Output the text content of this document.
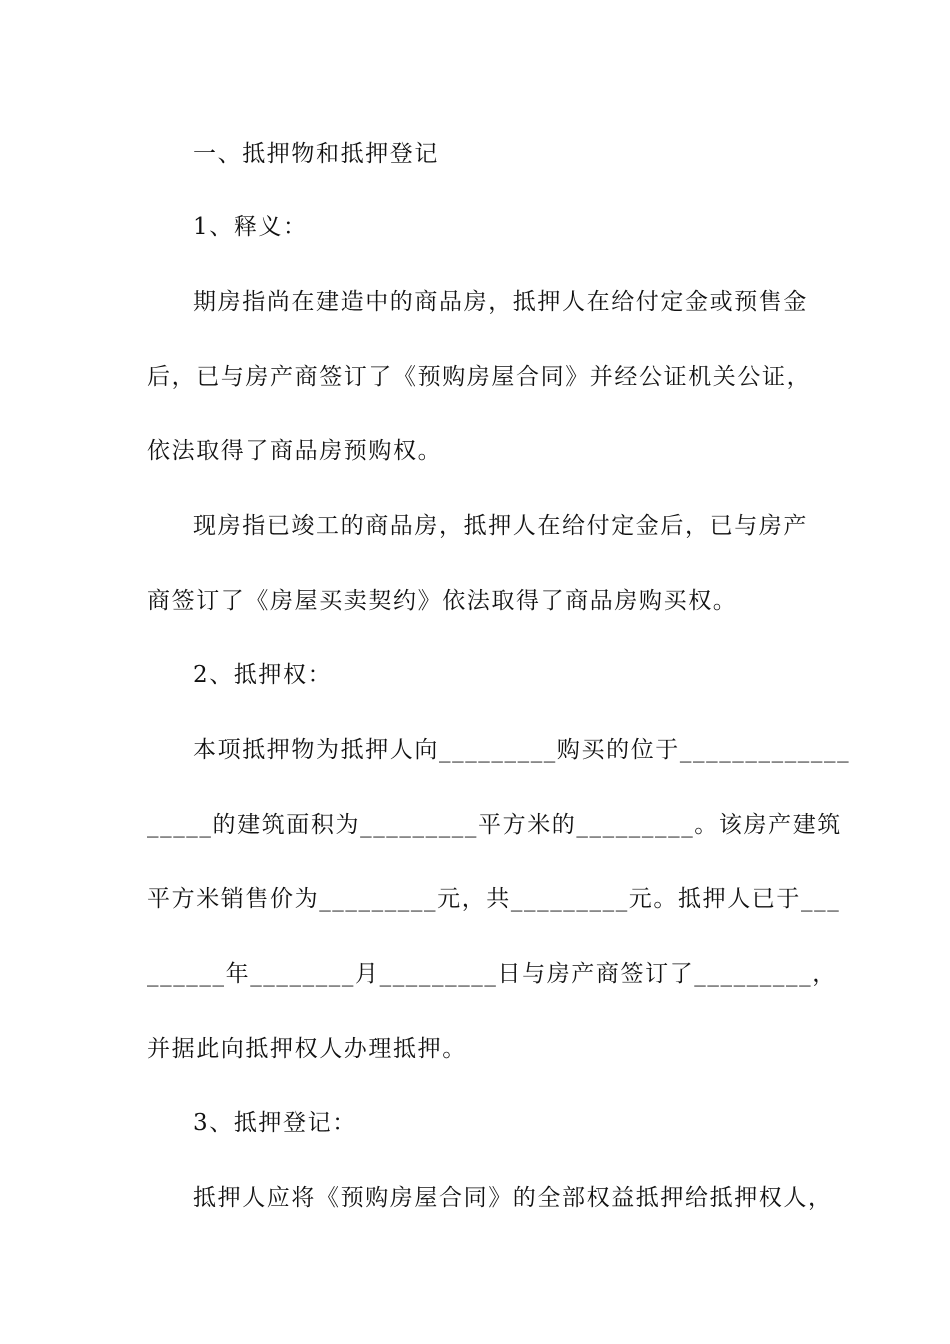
一、抵押物和抵押登记
1、释义：
期房指尚在建造中的商品房，抵押人在给付定金或预售金
后，已与房产商签订了《预购房屋合同》并经公证机关公证，
依法取得了商品房预购权。
现房指已竣工的商品房，抵押人在给付定金后，已与房产
商签订了《房屋买卖契约》依法取得了商品房购买权。
2、抵押权：
本项抵押物为抵押人向_________购买的位于_____________
_____的建筑面积为_________平方米的_________。该房产建筑
平方米销售价为_________元，共_________元。抵押人已于___
______年________月_________日与房产商签订了_________，
并据此向抵押权人办理抵押。
3、抵押登记：
抵押人应将《预购房屋合同》的全部权益抵押给抵押权人，
